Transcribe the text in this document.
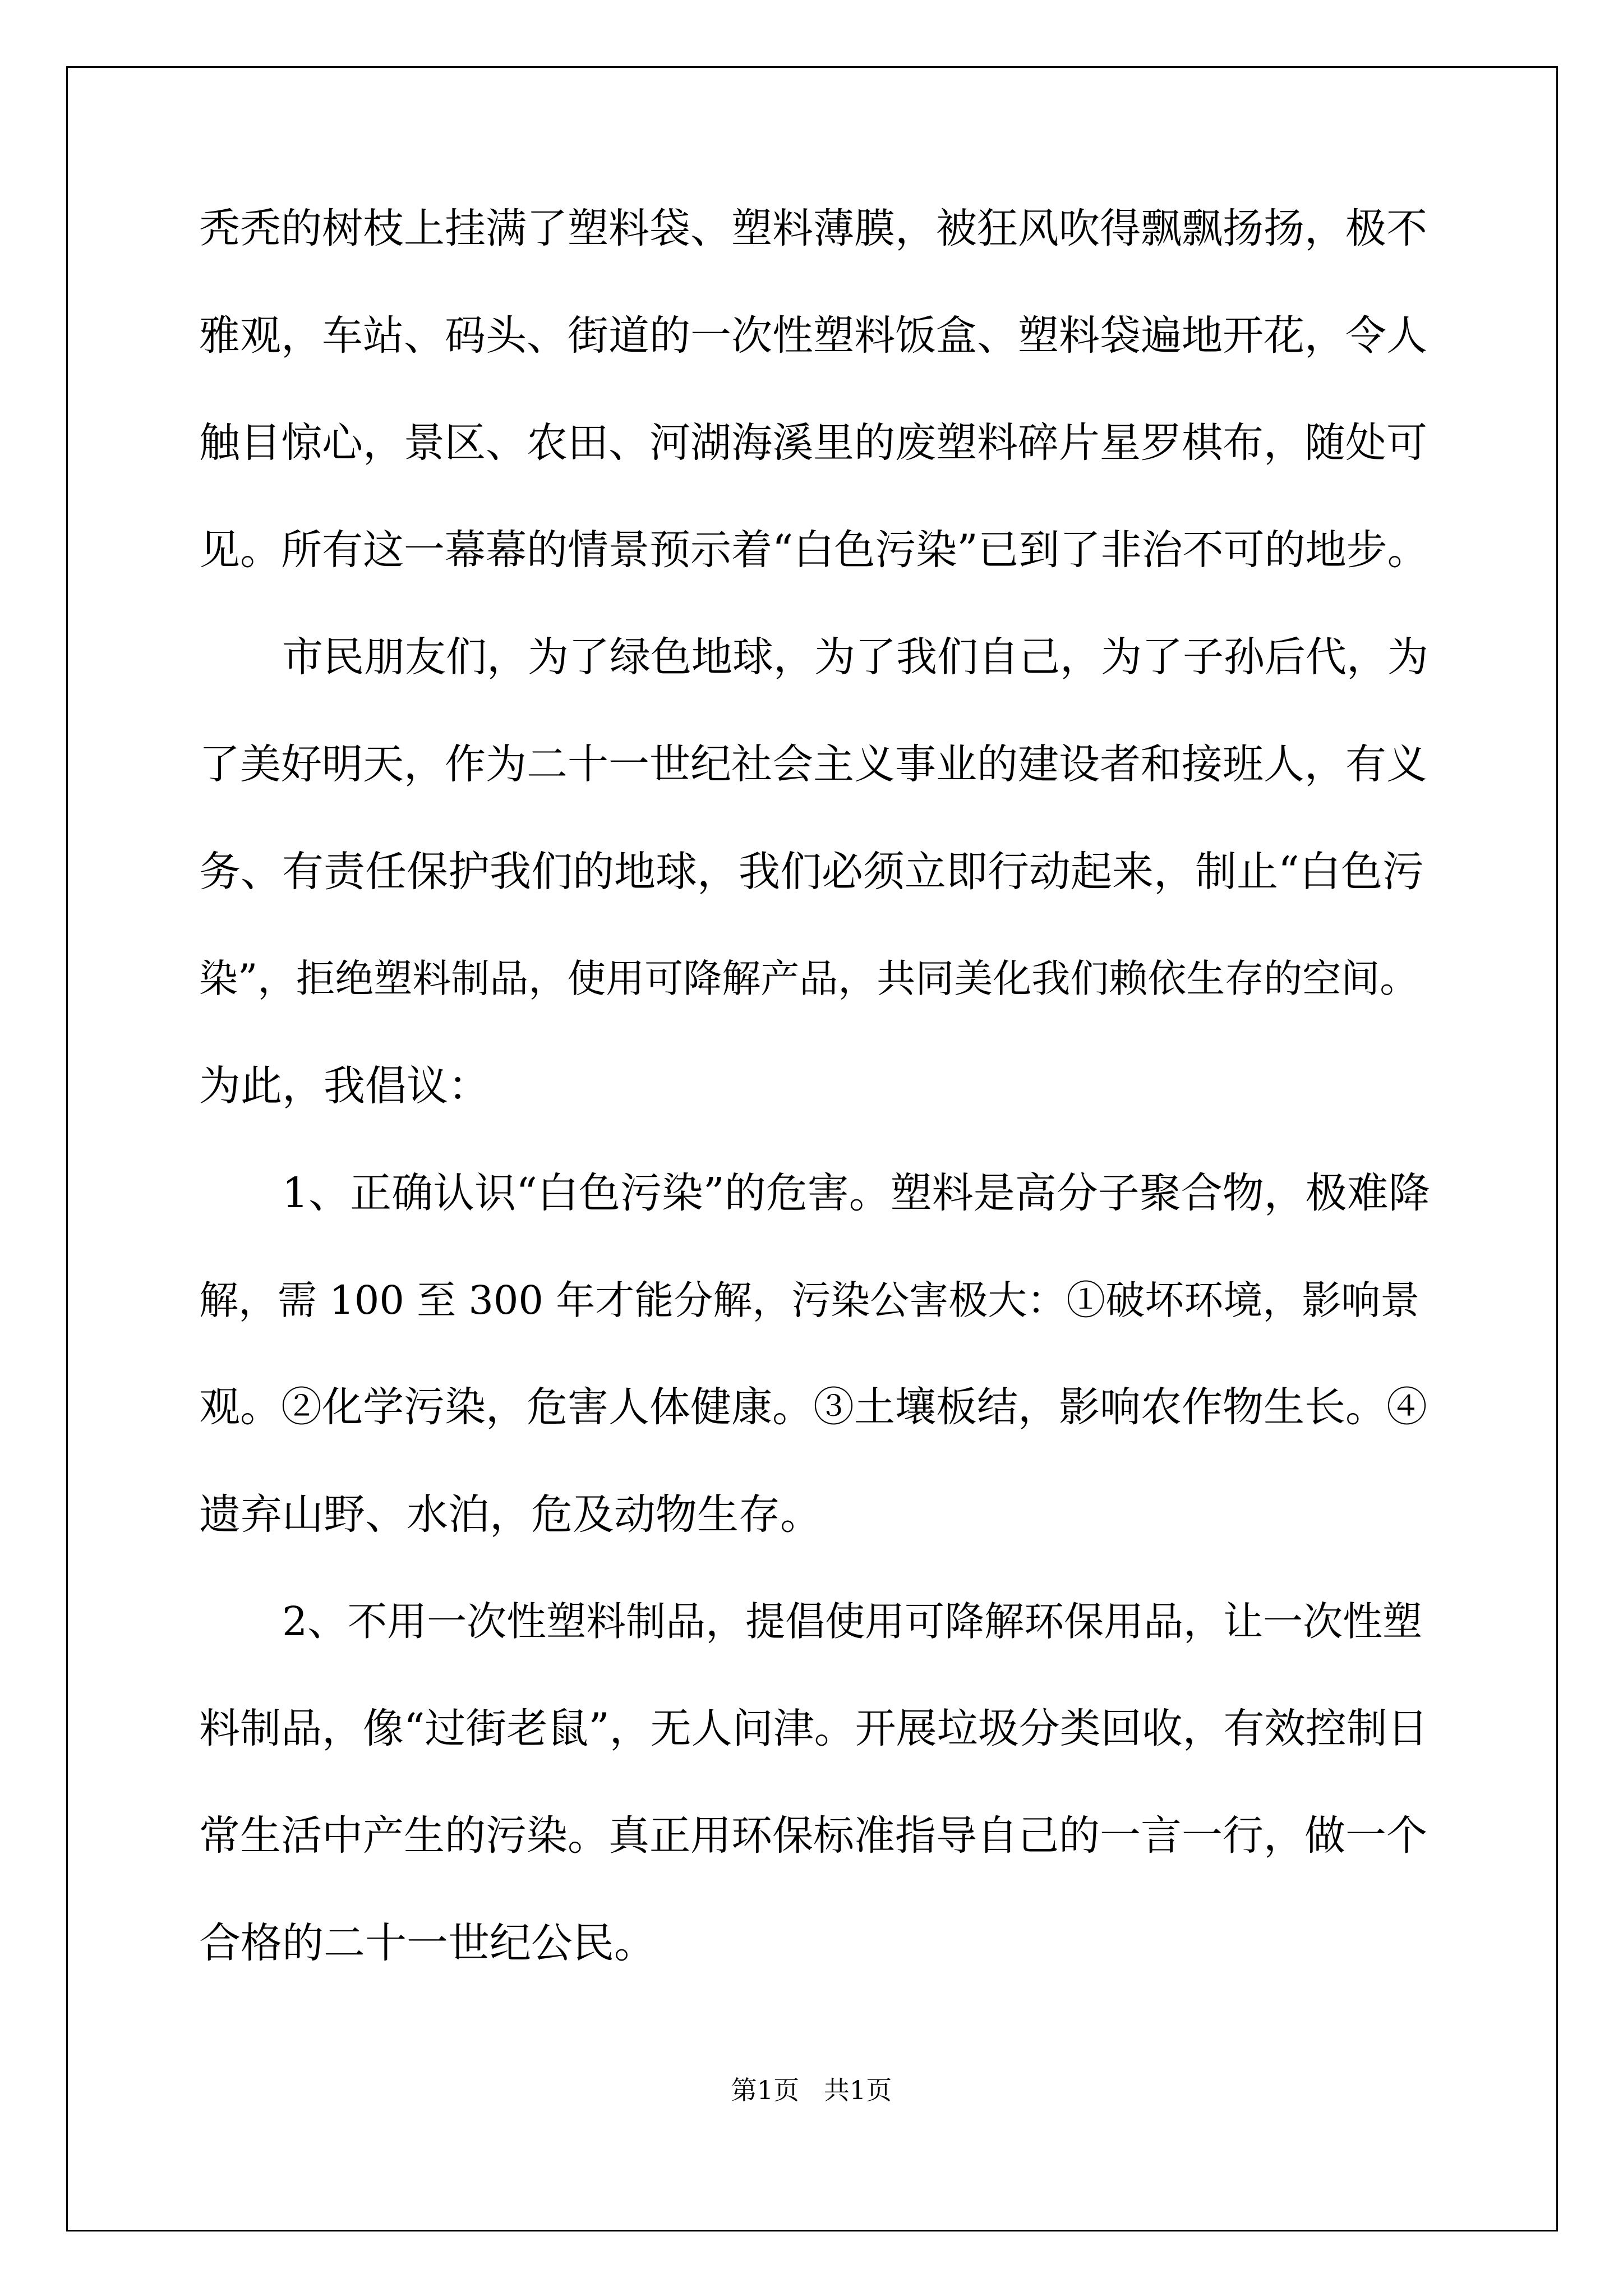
秃秃的树枝上挂满了塑料袋、塑料薄膜，被狂风吹得飘飘扬扬，极不
雅观，车站、码头、街道的一次性塑料饭盒、塑料袋遍地开花，令人
触目惊心，景区、农田、河湖海溪里的废塑料碎片星罗棋布，随处可
见。所有这一幕幕的情景预示着“白色污染”已到了非治不可的地步。
市民朋友们，为了绿色地球，为了我们自己，为了子孙后代，为
了美好明天，作为二十一世纪社会主义事业的建设者和接班人，有义
务、有责任保护我们的地球，我们必须立即行动起来，制止“白色污
染”，拒绝塑料制品，使用可降解产品，共同美化我们赖依生存的空间。
为此，我倡议：
1、正确认识“白色污染”的危害。塑料是高分子聚合物，极难降
解，需 100 至 300 年才能分解，污染公害极大：①破坏环境，影响景
观。②化学污染，危害人体健康。③土壤板结，影响农作物生长。④
遗弃山野、水泊，危及动物生存。
2、不用一次性塑料制品，提倡使用可降解环保用品，让一次性塑
料制品，像“过街老鼠”，无人问津。开展垃圾分类回收，有效控制日
常生活中产生的污染。真正用环保标准指导自己的一言一行，做一个
合格的二十一世纪公民。
第1页   共1页
